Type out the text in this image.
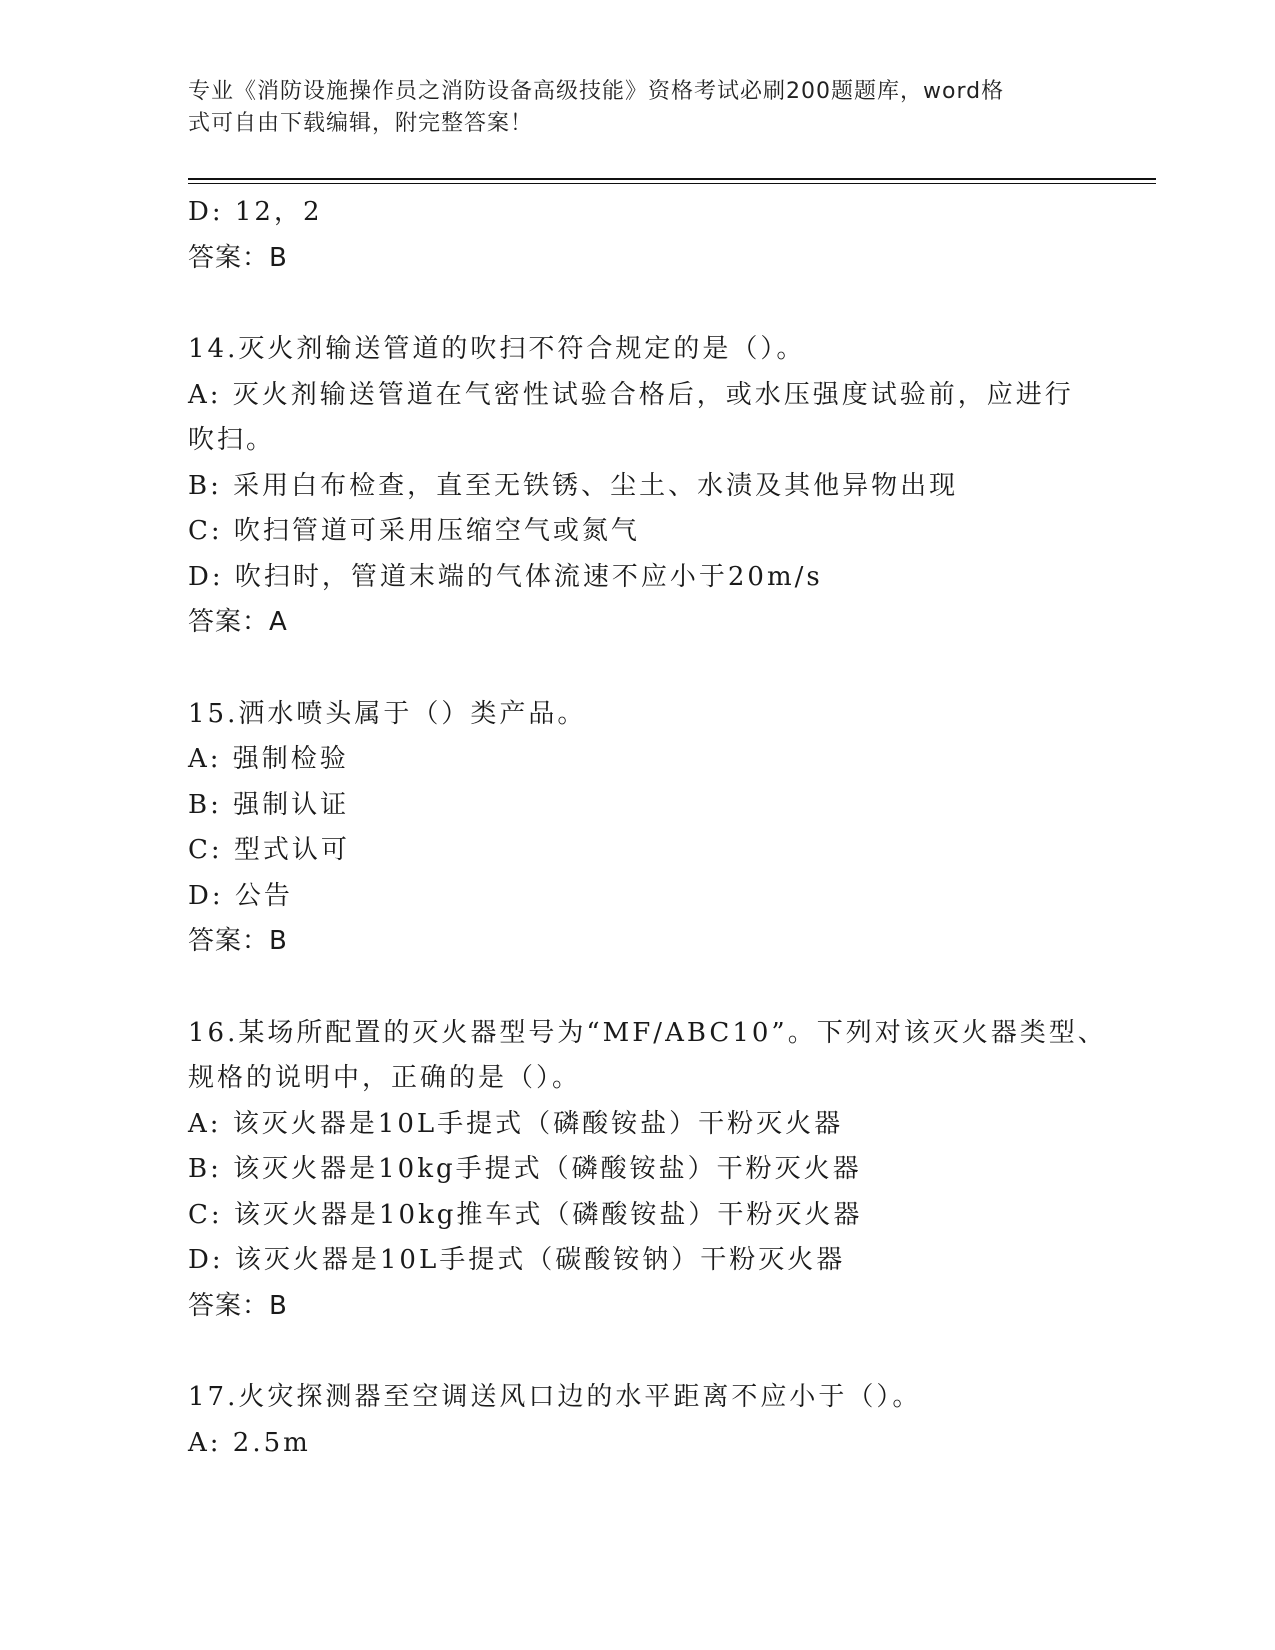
专业《消防设施操作员之消防设备高级技能》资格考试必刷200题题库，word格
式可自由下载编辑，附完整答案！
D: 12，2
答案：B
14.灭火剂输送管道的吹扫不符合规定的是（）。
A: 灭火剂输送管道在气密性试验合格后，或水压强度试验前，应进行
吹扫。
B: 采用白布检查，直至无铁锈、尘土、水渍及其他异物出现
C: 吹扫管道可采用压缩空气或氮气
D: 吹扫时，管道末端的气体流速不应小于20m/s
答案：A
15.洒水喷头属于（）类产品。
A: 强制检验
B: 强制认证
C: 型式认可
D: 公告
答案：B
16.某场所配置的灭火器型号为“MF/ABC10”。下列对该灭火器类型、
规格的说明中，正确的是（）。
A: 该灭火器是10L手提式（磷酸铵盐）干粉灭火器
B: 该灭火器是10kg手提式（磷酸铵盐）干粉灭火器
C: 该灭火器是10kg推车式（磷酸铵盐）干粉灭火器
D: 该灭火器是10L手提式（碳酸铵钠）干粉灭火器
答案：B
17.火灾探测器至空调送风口边的水平距离不应小于（）。
A: 2.5m
